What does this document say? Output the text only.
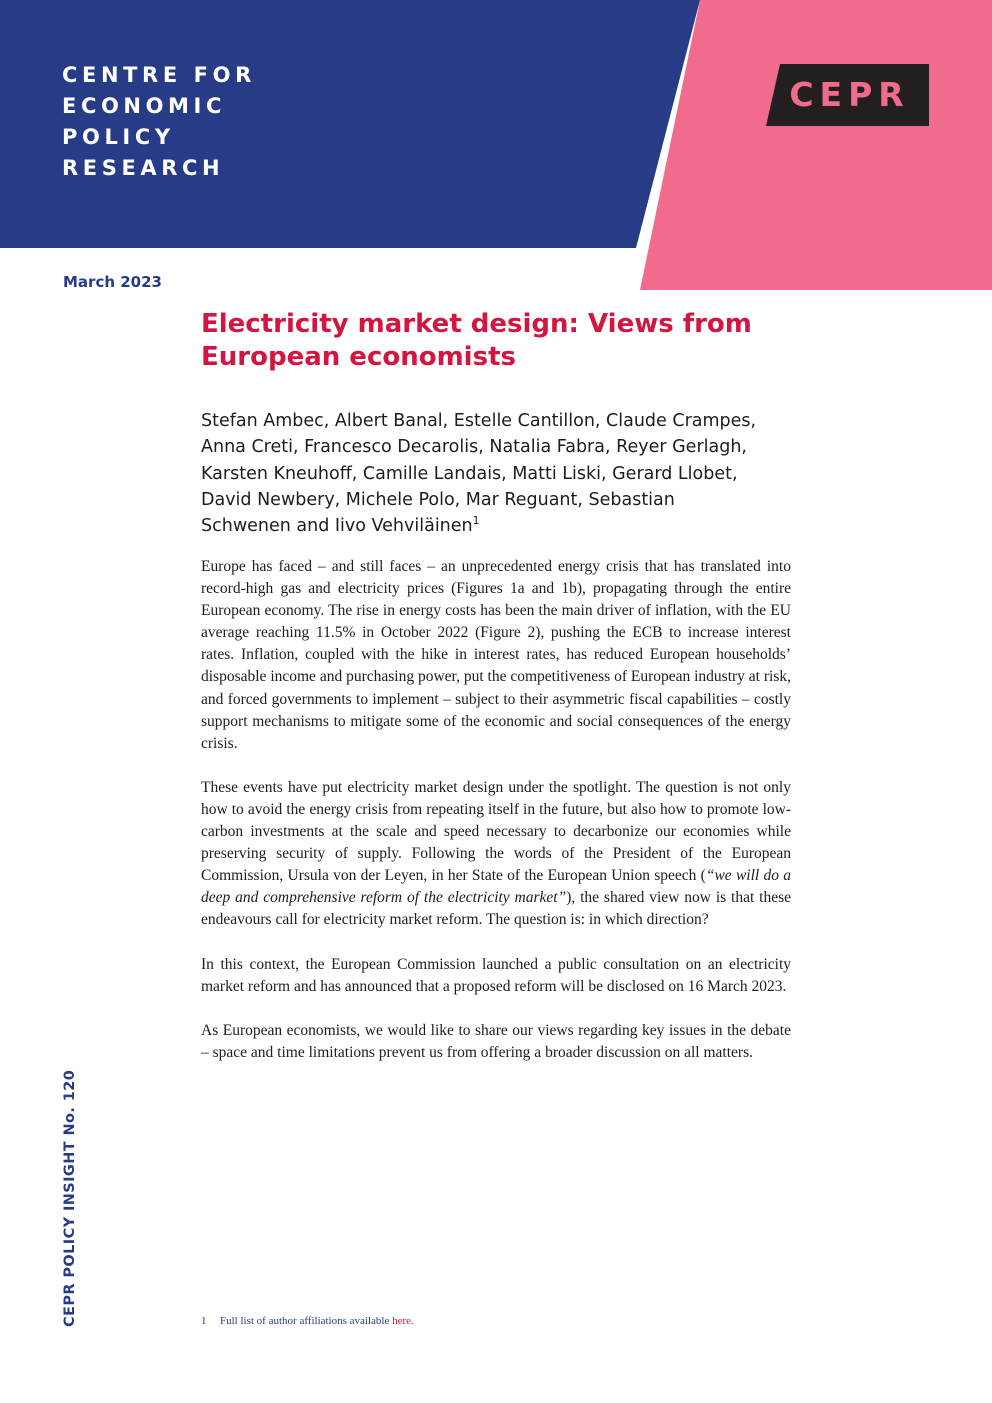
CENTRE FOR
ECONOMIC
POLICY
RESEARCH
CEPR
March 2023
Electricity market design: Views from
European economists
Stefan Ambec, Albert Banal, Estelle Cantillon, Claude Crampes,
Anna Creti, Francesco Decarolis, Natalia Fabra, Reyer Gerlagh,
Karsten Kneuhoff, Camille Landais, Matti Liski, Gerard Llobet,
David Newbery, Michele Polo, Mar Reguant, Sebastian
Schwenen and Iivo Vehviläinen$^1$

Europe has faced – and still faces – an unprecedented energy crisis that has translated into record-high gas and electricity prices (Figures 1a and 1b), propagating through the entire European economy. The rise in energy costs has been the main driver of inflation, with the EU average reaching 11.5% in October 2022 (Figure 2), pushing the ECB to increase interest rates. Inflation, coupled with the hike in interest rates, has reduced European households’ disposable income and purchasing power, put the competitiveness of European industry at risk, and forced governments to implement – subject to their asymmetric fiscal capabilities – costly support mechanisms to mitigate some of the economic and social consequences of the energy crisis.

These events have put electricity market design under the spotlight. The question is not only how to avoid the energy crisis from repeating itself in the future, but also how to promote low-carbon investments at the scale and speed necessary to decarbonize our economies while preserving security of supply. Following the words of the President of the European Commission, Ursula von der Leyen, in her State of the European Union speech (“we will do a deep and comprehensive reform of the electricity market”), the shared view now is that these endeavours call for electricity market reform. The question is: in which direction?

In this context, the European Commission launched a public consultation on an electricity market reform and has announced that a proposed reform will be disclosed on 16 March 2023.

As European economists, we would like to share our views regarding key issues in the debate – space and time limitations prevent us from offering a broader discussion on all matters.

1 Full list of author affiliations available here.
CEPR POLICY INSIGHT No. 120
